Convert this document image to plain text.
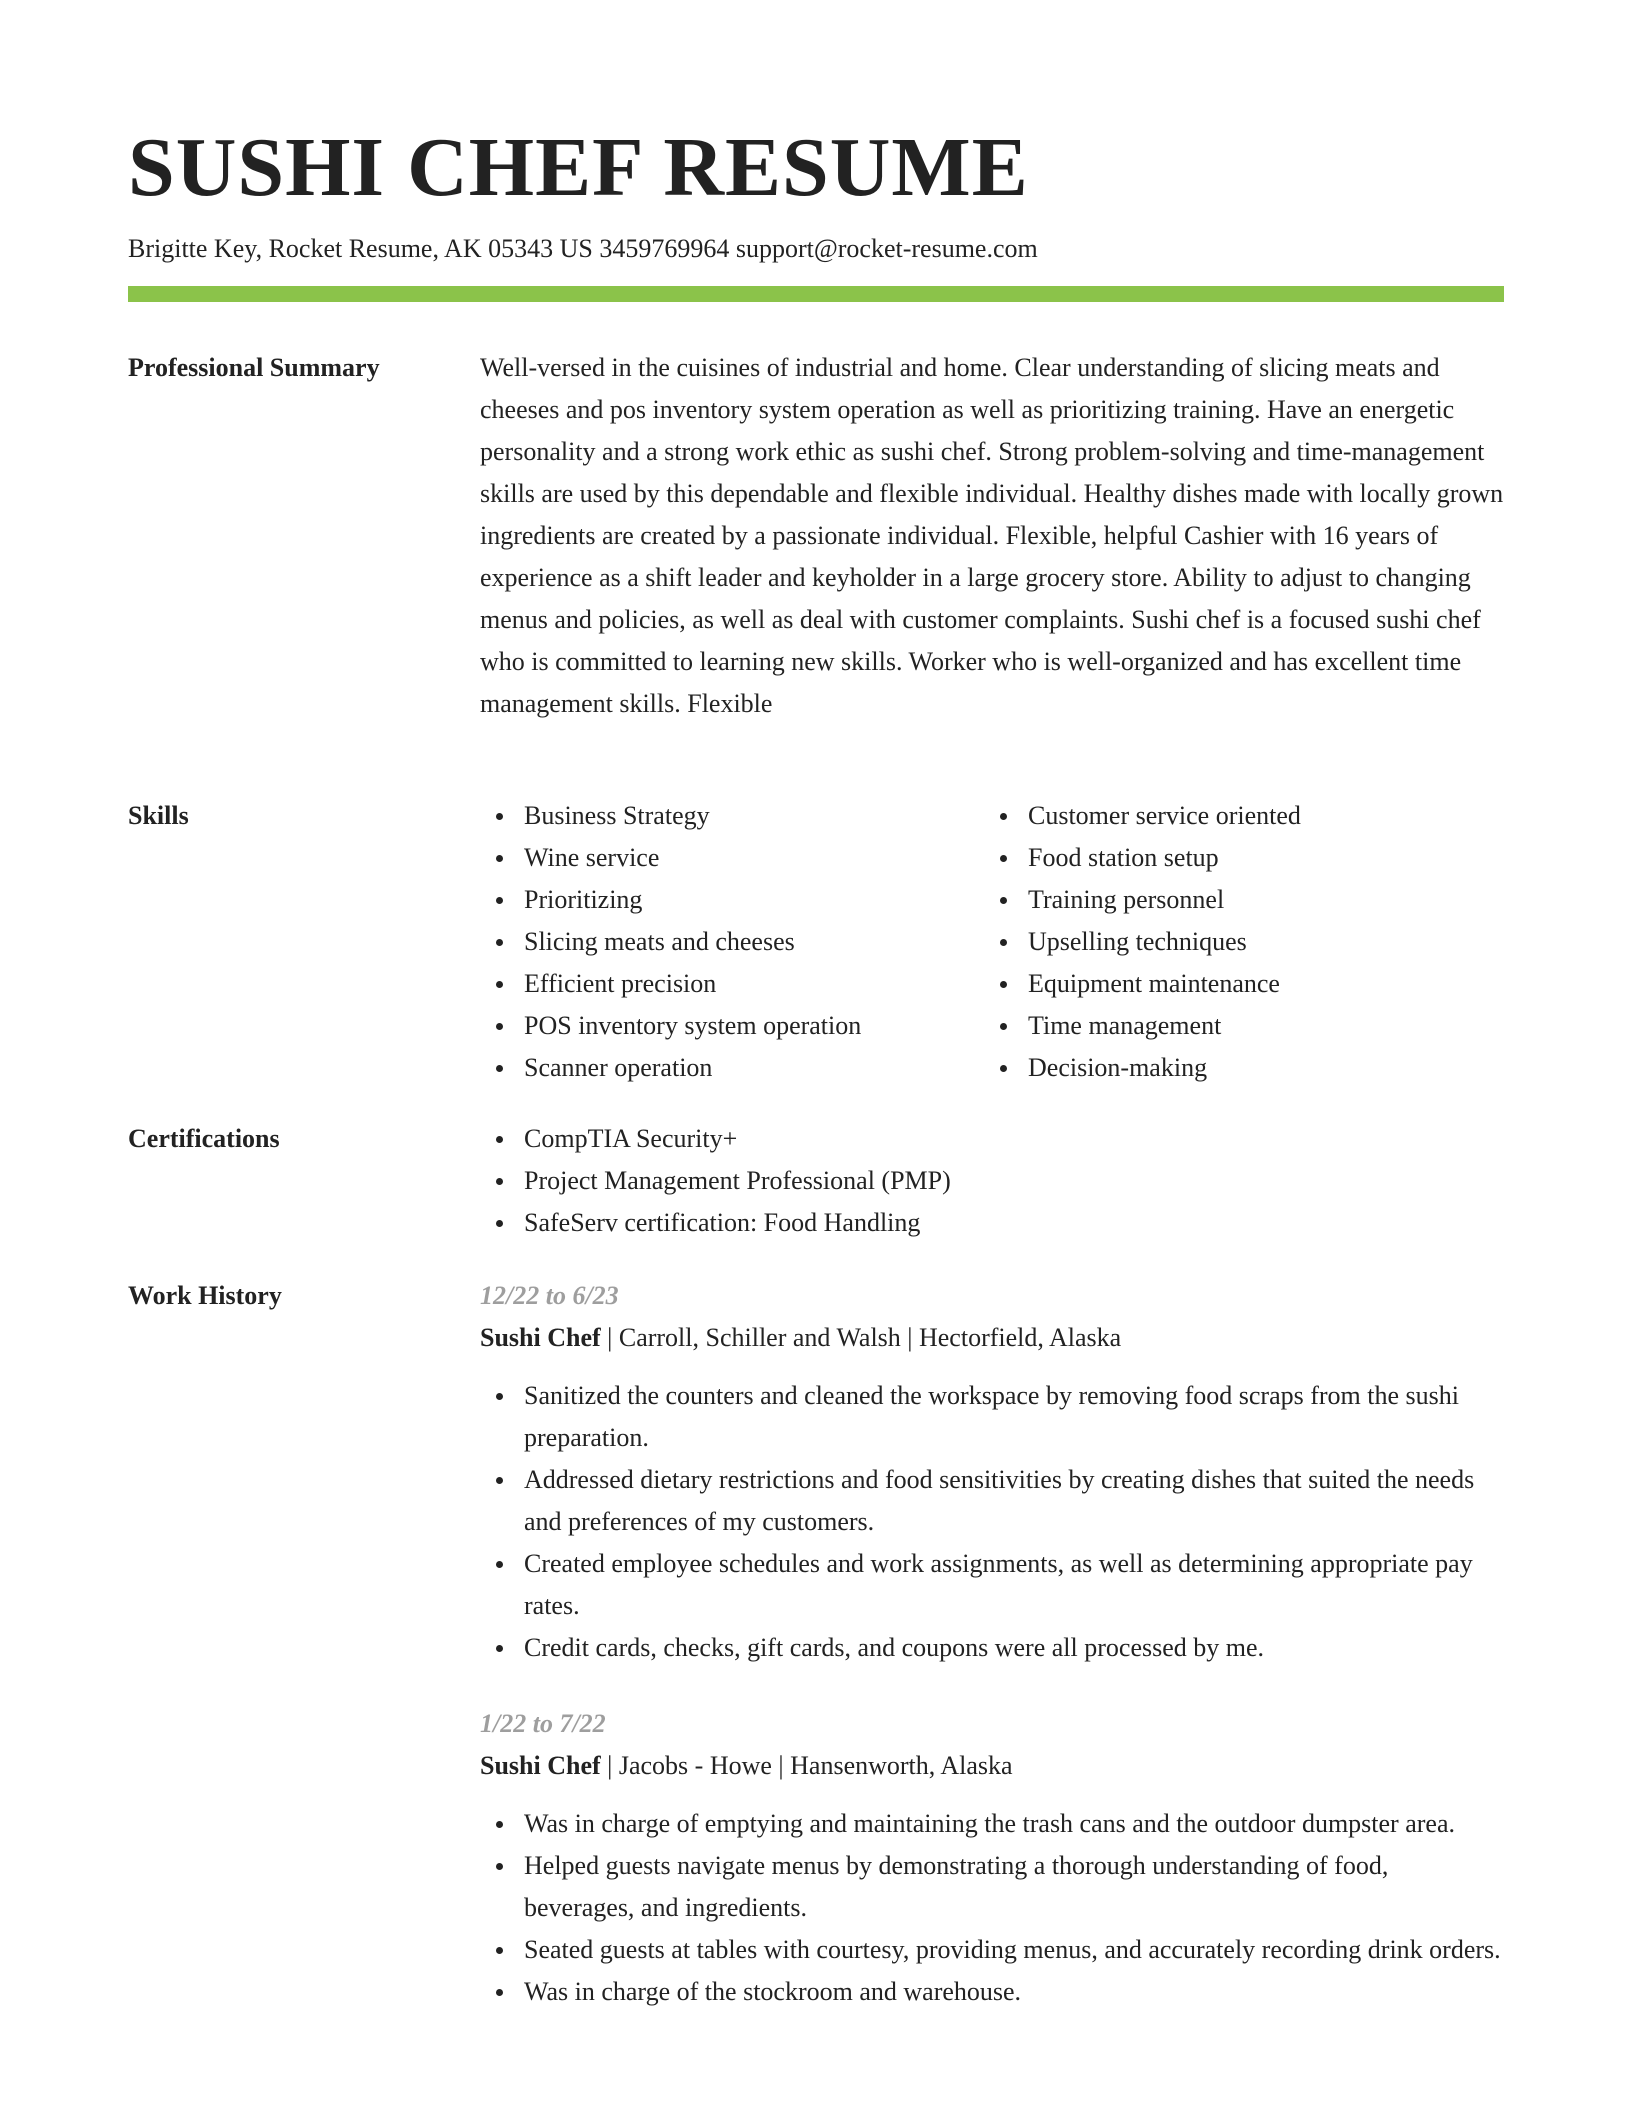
SUSHI CHEF RESUME
Brigitte Key, Rocket Resume, AK 05343 US 3459769964 support@rocket-resume.com
Professional Summary	Well-versed in the cuisines of industrial and home. Clear understanding of slicing meats and cheeses and pos inventory system operation as well as prioritizing training. Have an energetic personality and a strong work ethic as sushi chef. Strong problem-solving and time-management skills are used by this dependable and flexible individual. Healthy dishes made with locally grown ingredients are created by a passionate individual. Flexible, helpful Cashier with 16 years of experience as a shift leader and keyholder in a large grocery store. Ability to adjust to changing menus and policies, as well as deal with customer complaints. Sushi chef is a focused sushi chef who is committed to learning new skills. Worker who is well-organized and has excellent time management skills. Flexible
Skills	Business Strategy
Wine service
Prioritizing
Slicing meats and cheeses
Efficient precision
POS inventory system operation
Scanner operation
Customer service oriented
Food station setup
Training personnel
Upselling techniques
Equipment maintenance
Time management
Decision-making
Certifications	CompTIA Security+
Project Management Professional (PMP)
SafeServ certification: Food Handling
Work History	12/22 to 6/23
Sushi Chef | Carroll, Schiller and Walsh | Hectorfield, Alaska
Sanitized the counters and cleaned the workspace by removing food scraps from the sushi preparation.
Addressed dietary restrictions and food sensitivities by creating dishes that suited the needs and preferences of my customers.
Created employee schedules and work assignments, as well as determining appropriate pay rates.
Credit cards, checks, gift cards, and coupons were all processed by me.
1/22 to 7/22
Sushi Chef | Jacobs - Howe | Hansenworth, Alaska
Was in charge of emptying and maintaining the trash cans and the outdoor dumpster area.
Helped guests navigate menus by demonstrating a thorough understanding of food, beverages, and ingredients.
Seated guests at tables with courtesy, providing menus, and accurately recording drink orders.
Was in charge of the stockroom and warehouse.
